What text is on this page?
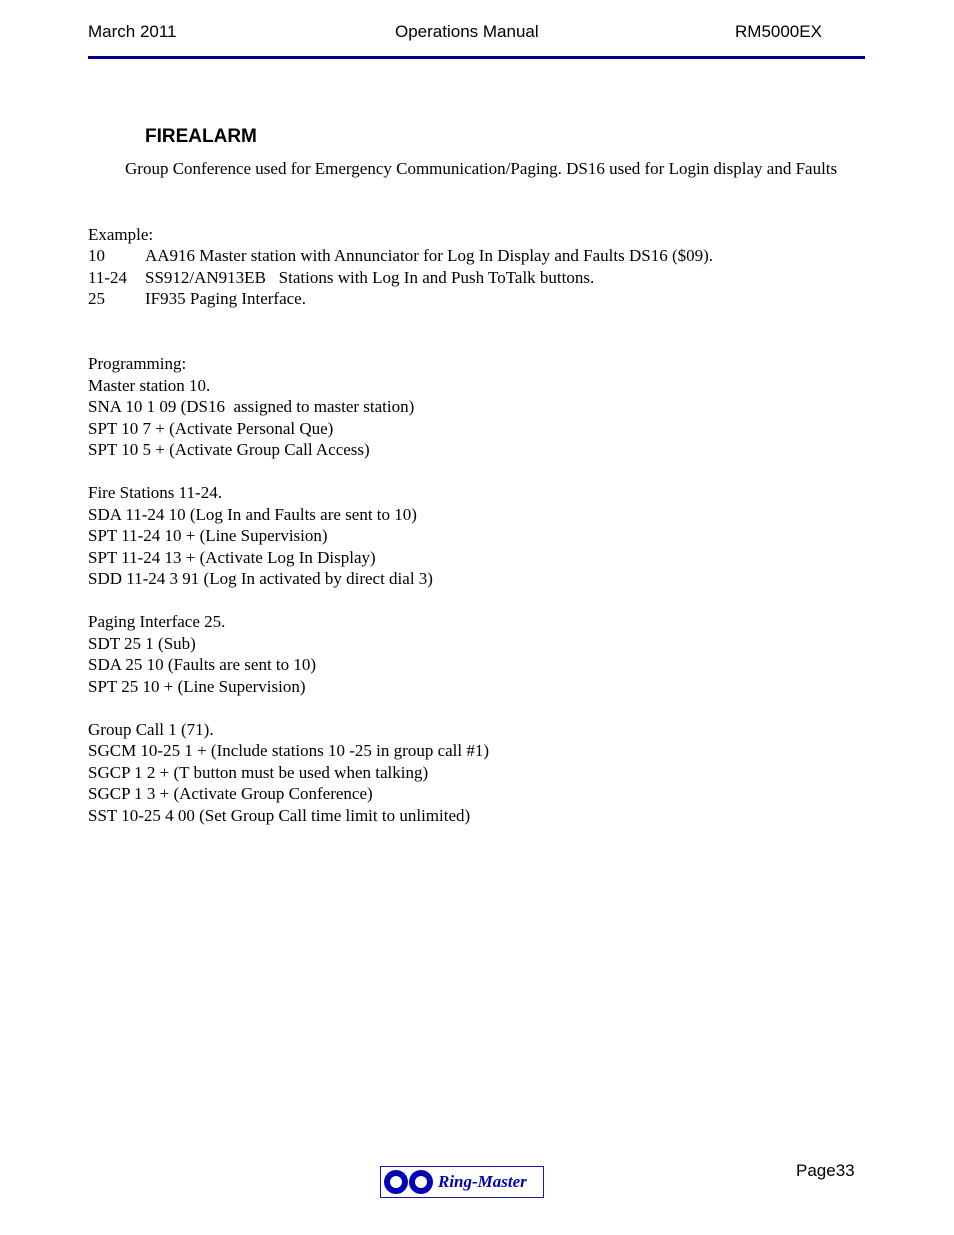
March 2011	Operations Manual	RM5000EX
FIREALARM

Group Conference used for Emergency Communication/Paging. DS16 used for Login display and Faults

Example:
10 AA916 Master station with Annunciator for Log In Display and Faults DS16 ($09).
11-24 SS912/AN913EB   Stations with Log In and Push ToTalk buttons.
25 IF935 Paging Interface.
Programming:
Master station 10.
SNA 10 1 09 (DS16  assigned to master station)
SPT 10 7 + (Activate Personal Que)
SPT 10 5 + (Activate Group Call Access)
Fire Stations 11-24.
SDA 11-24 10 (Log In and Faults are sent to 10)
SPT 11-24 10 + (Line Supervision)
SPT 11-24 13 + (Activate Log In Display)
SDD 11-24 3 91 (Log In activated by direct dial 3)
Paging Interface 25.
SDT 25 1 (Sub)
SDA 25 10 (Faults are sent to 10)
SPT 25 10 + (Line Supervision)
Group Call 1 (71).
SGCM 10-25 1 + (Include stations 10 -25 in group call #1)
SGCP 1 2 + (T button must be used when talking)
SGCP 1 3 + (Activate Group Conference)
SST 10-25 4 00 (Set Group Call time limit to unlimited)
Page33
Ring-Master
